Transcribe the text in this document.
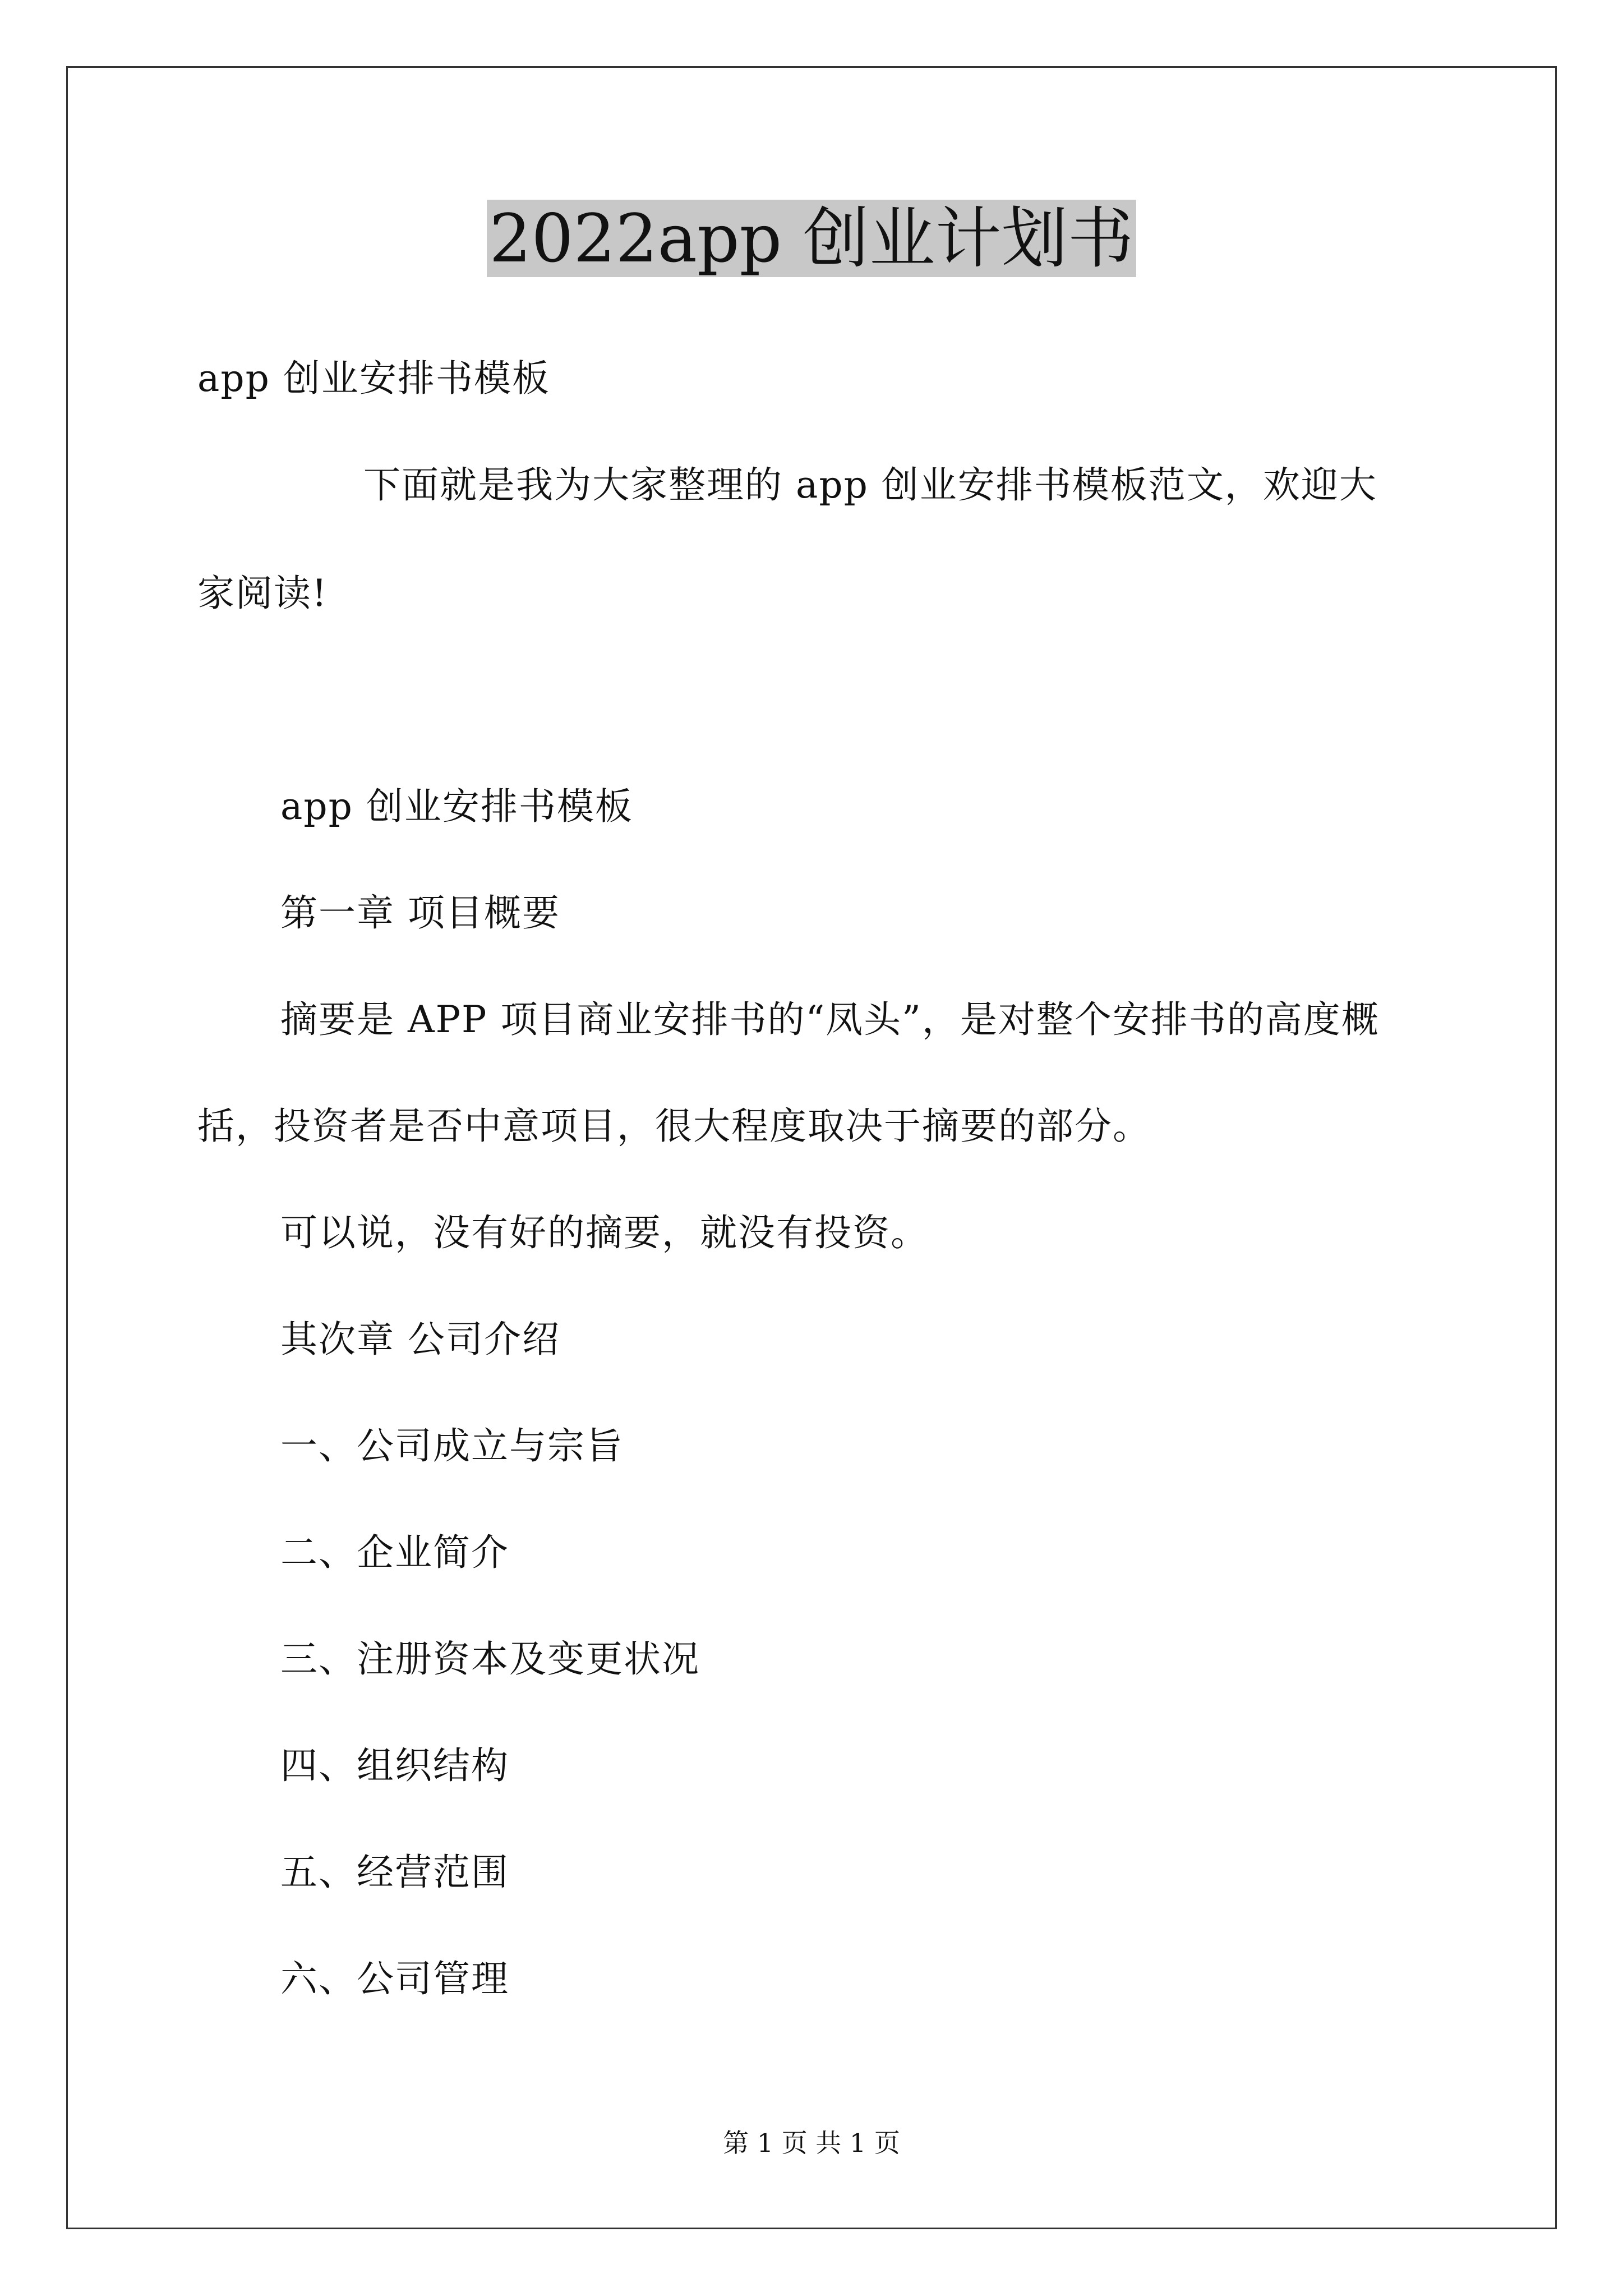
2022app 创业计划书
app 创业安排书模板
下面就是我为大家整理的 app 创业安排书模板范文，欢迎大
家阅读!
app 创业安排书模板
第一章 项目概要
摘要是 APP 项目商业安排书的“凤头”，是对整个安排书的高度概
括，投资者是否中意项目，很大程度取决于摘要的部分。
可以说，没有好的摘要，就没有投资。
其次章 公司介绍
一、公司成立与宗旨
二、企业简介
三、注册资本及变更状况
四、组织结构
五、经营范围
六、公司管理
第 1 页 共 1 页
